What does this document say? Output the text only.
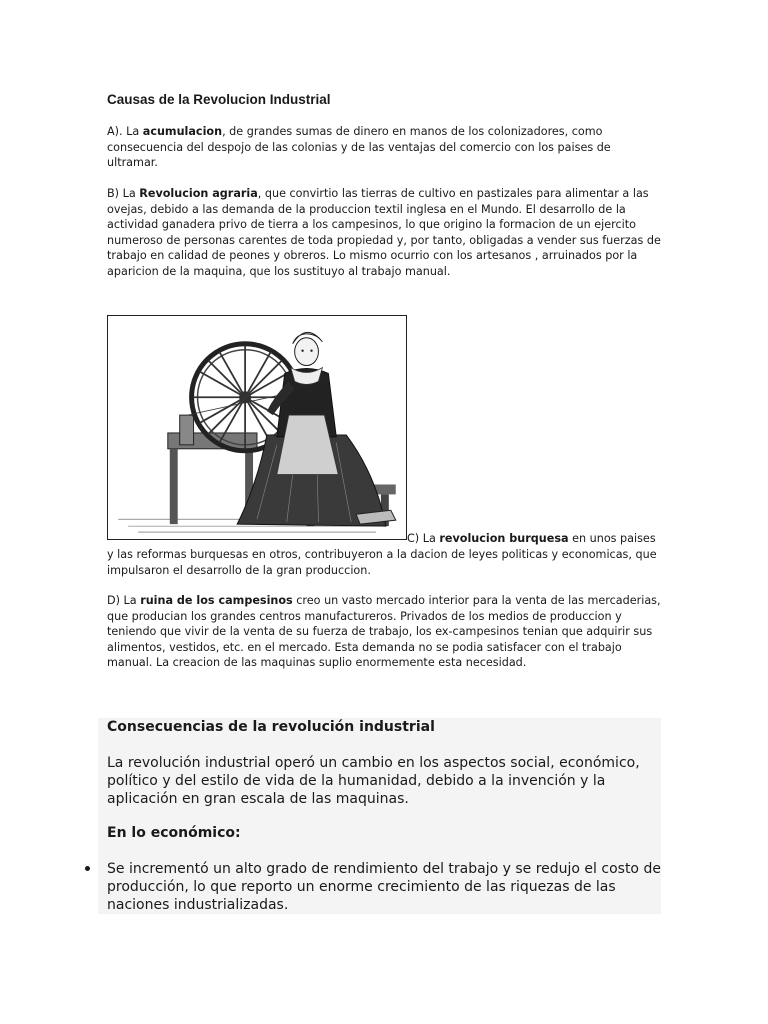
Causas de la Revolucion Industrial

A). La acumulacion, de grandes sumas de dinero en manos de los colonizadores, como consecuencia del despojo de las colonias y de las ventajas del comercio con los paises de ultramar.

B) La Revolucion agraria, que convirtio las tierras de cultivo en pastizales para alimentar a las ovejas, debido a las demanda de la produccion textil inglesa en el Mundo. El desarrollo de la actividad ganadera privo de tierra a los campesinos, lo que origino la formacion de un ejercito numeroso de personas carentes de toda propiedad y, por tanto, obligadas a vender sus fuerzas de trabajo en calidad de peones y obreros. Lo mismo ocurrio con los artesanos , arruinados por la aparicion de la maquina, que los sustituyo al trabajo manual.

C) La revolucion burquesa en unos paises

y las reformas burquesas en otros, contribuyeron a la dacion de leyes politicas y economicas, que impulsaron el desarrollo de la gran produccion.

D) La ruina de los campesinos creo un vasto mercado interior para la venta de las mercaderias, que producian los grandes centros manufactureros. Privados de los medios de produccion y teniendo que vivir de la venta de su fuerza de trabajo, los ex-campesinos tenian que adquirir sus alimentos, vestidos, etc. en el mercado. Esta demanda no se podia satisfacer con el trabajo manual. La creacion de las maquinas suplio enormemente esta necesidad.

Consecuencias de la revolución industrial

La revolución industrial operó un cambio en los aspectos social, económico, político y del estilo de vida de la humanidad, debido a la invención y la aplicación en gran escala de las maquinas.

En lo económico:

Se incrementó un alto grado de rendimiento del trabajo y se redujo el costo de producción, lo que reporto un enorme crecimiento de las riquezas de las naciones industrializadas.
